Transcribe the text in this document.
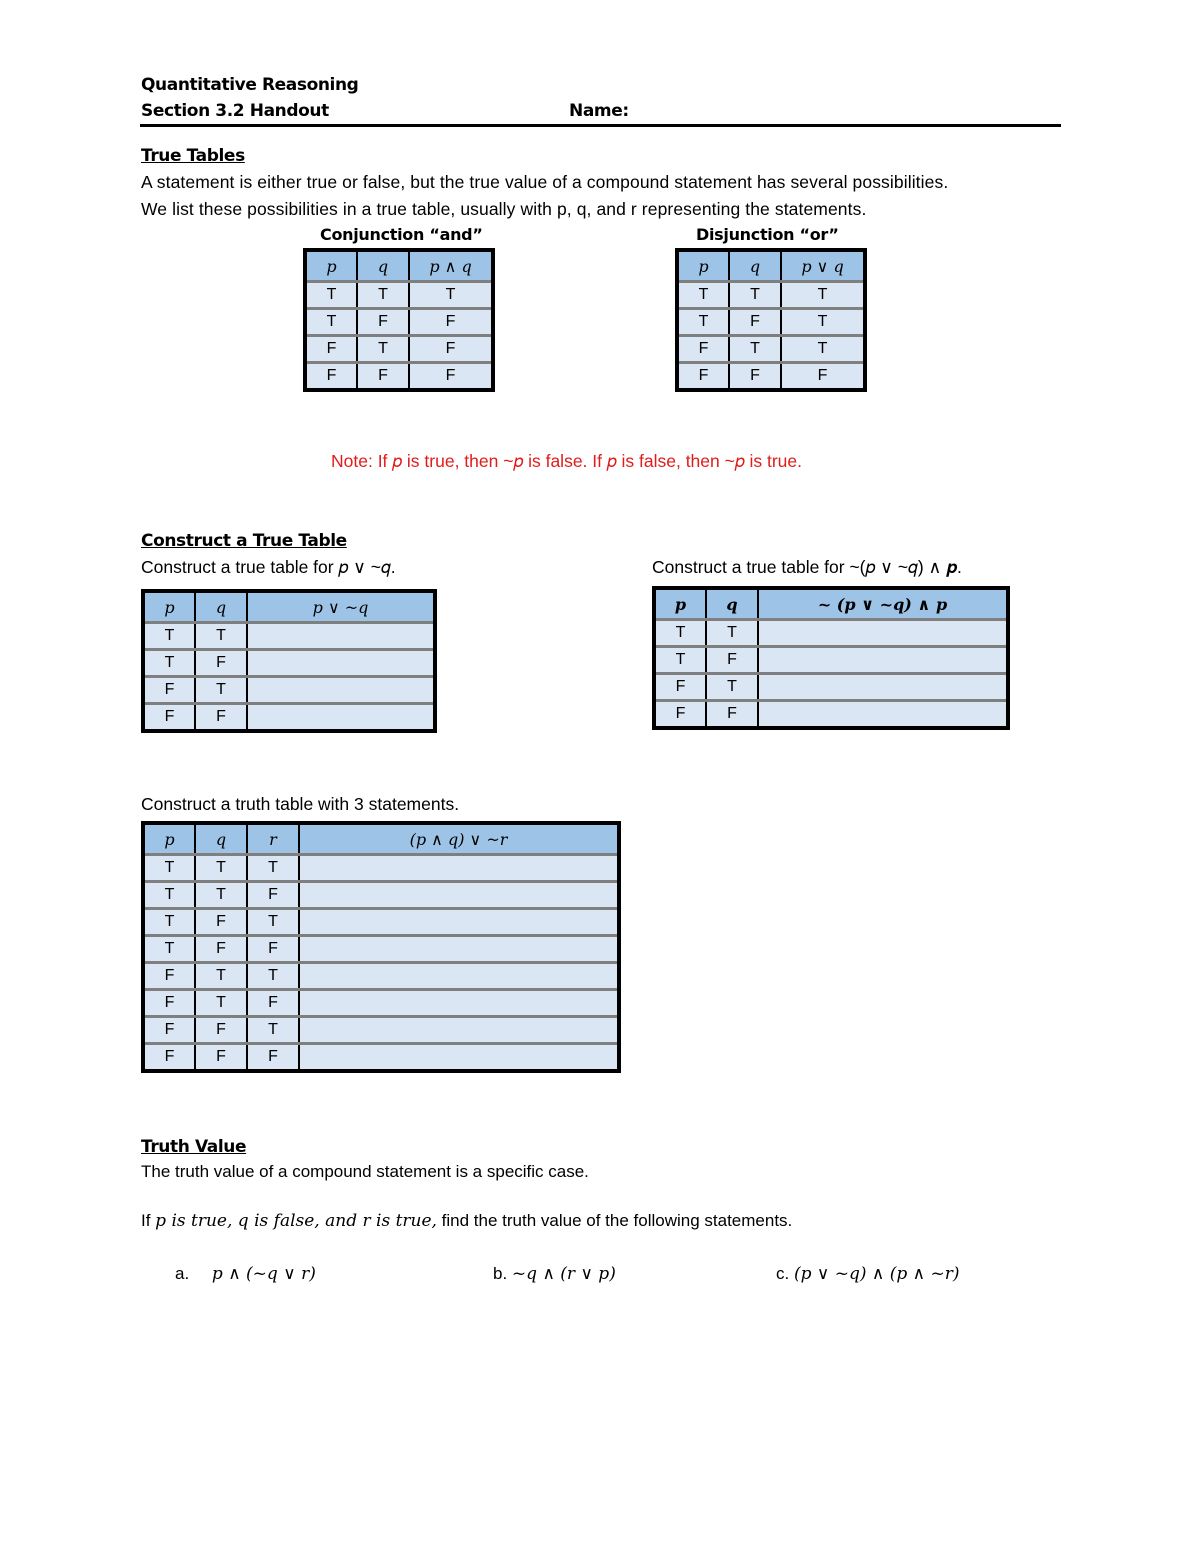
Quantitative Reasoning
Section 3.2 Handout	Name:
True Tables
A statement is either true or false, but the true value of a compound statement has several possibilities.
We list these possibilities in a true table, usually with p, q, and r representing the statements.
Conjunction “and”	Disjunction “or”
p	q	p ∧ q
T	T	T
T	F	F
F	T	F
F	F	F
p	q	p ∨ q
T	T	T
T	F	T
F	T	T
F	F	F
Note: If 𝑝 is true, then ~𝑝 is false. If 𝑝 is false, then ~𝑝 is true.
Construct a True Table
Construct a true table for 𝑝 ∨ ~𝑞.	Construct a true table for ~(𝑝 ∨ ~𝑞) ∧ 𝒑.
p	q	p ∨ ~q
T	T	
T	F	
F	T	
F	F	
p	q	~ (p ∨ ~q) ∧ p
T	T	
T	F	
F	T	
F	F	
Construct a truth table with 3 statements.
p	q	r	(p ∧ q) ∨ ~r
T	T	T	
T	T	F	
T	F	T	
T	F	F	
F	T	T	
F	T	F	
F	F	T	
F	F	F	
Truth Value
The truth value of a compound statement is a specific case.
If 𝑝 𝑖𝑠 𝑡𝑟𝑢𝑒, 𝑞 𝑖𝑠 𝑓𝑎𝑙𝑠𝑒, 𝑎𝑛𝑑 𝑟 𝑖𝑠 𝑡𝑟𝑢𝑒, find the truth value of the following statements.
a. 𝑝 ∧ (~𝑞 ∨ 𝑟)	b. ~𝑞 ∧ (𝑟 ∨ 𝑝)	c. (𝑝 ∨ ~𝑞) ∧ (𝑝 ∧ ~𝑟)
